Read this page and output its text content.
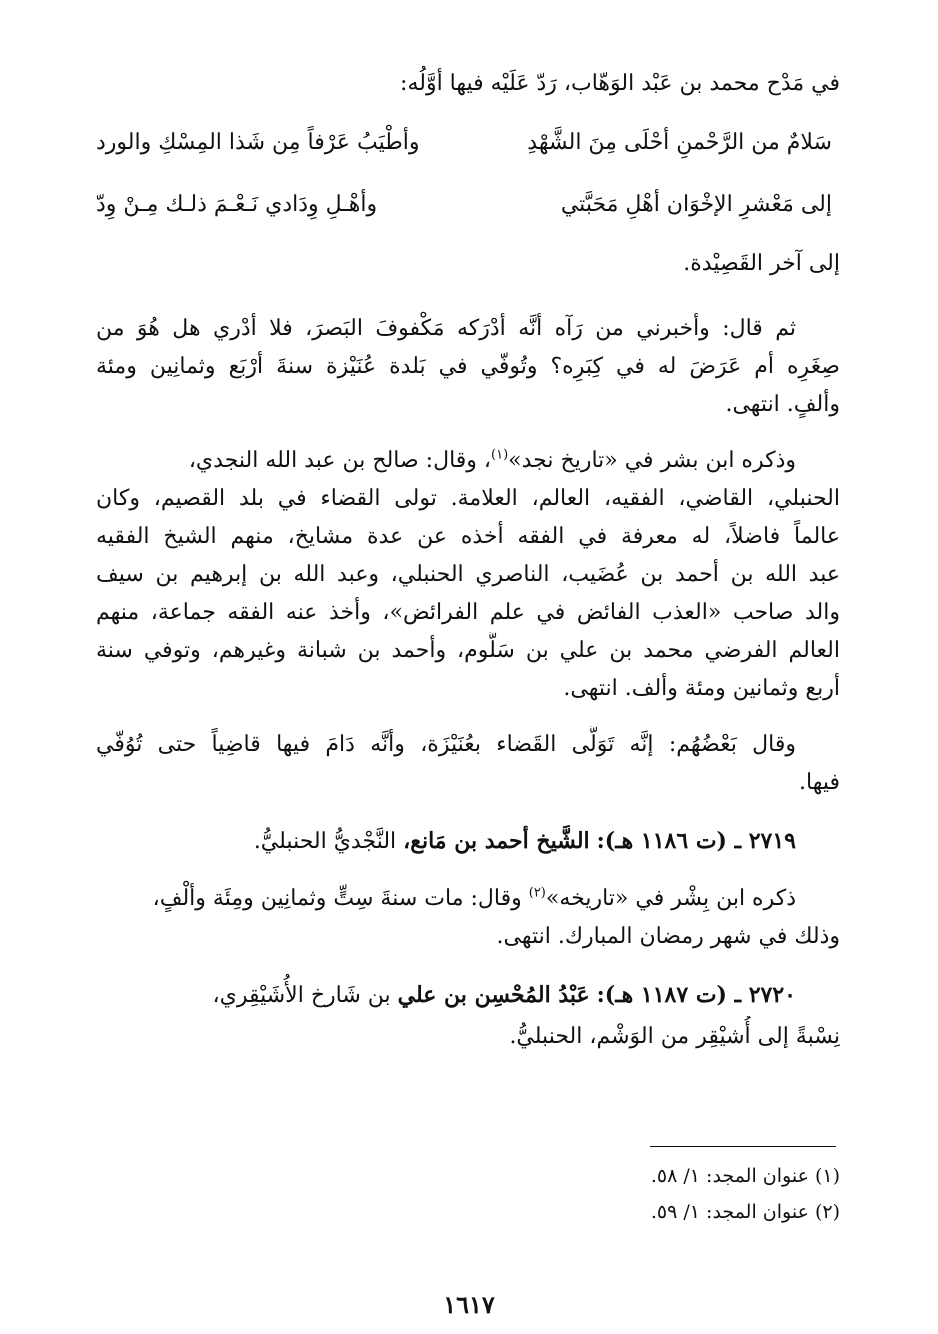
في مَدْح محمد بن عَبْد الوَهّاب، رَدّ عَلَيْه فيها أوَّلُه:
سَلامٌ من الرَّحْمنِ أحْلَى مِنَ الشَّهْدِ
وأطْيَبُ عَرْفاً مِن شَذا المِسْكِ والورد
إلى مَعْشرِ الإخْوَان أهْلِ مَحَبَّتي
وأهْـلِ وِدَادي نَـعْـمَ ذلـك مِـنْ وِدّ
إلى آخر القَصِيْدة.
ثم قال: وأخبرني من رَآه أنَّه أدْرَكه مَكْفوفَ البَصرَ، فلا أدْري هل هُوَ من
صِغَرِه أم عَرَضَ له في كِبَرِه؟ وتُوفّي في بَلدة عُنَيْزة سنةَ أرْبَع وثمانِين ومئة
وألفٍ. انتهى.
وذكره ابن بشر في «تاريخ نجد»$^{(١)}$، وقال: صالح بن عبد الله النجدي،
الحنبلي، القاضي، الفقيه، العالم، العلامة. تولى القضاء في بلد القصيم، وكان
عالماً فاضلاً، له معرفة في الفقه أخذه عن عدة مشايخ، منهم الشيخ الفقيه
عبد الله بن أحمد بن عُضَيب، الناصري الحنبلي، وعبد الله بن إبرهيم بن سيف
والد صاحب «العذب الفائض في علم الفرائض»، وأخذ عنه الفقه جماعة، منهم
العالم الفرضي محمد بن علي بن سَلُّوم، وأحمد بن شبانة وغيرهم، وتوفي سنة
أربع وثمانين ومئة وألف. انتهى.
وقال بَعْضُهُم: إنَّه تَوَلَّى القَضاء بعُنَيْزَة، وأنَّه دَامَ فيها قاضِياً حتى تُوُفّي
فيها.
٢٧١٩ ـ (ت ١١٨٦ هـ): الشَّيخ أحمد بن مَانع، النَّجْديُّ الحنبليُّ.
ذكره ابن بِشْر في «تاريخه»$^{(٢)}$ وقال: مات سنةَ سِتٍّ وثمانِين ومِئَة وألْفٍ،
وذلك في شهر رمضان المبارك. انتهى.
٢٧٢٠ ـ (ت ١١٨٧ هـ): عَبْدُ المُحْسِن بن علي بن شَارخ الأُشَيْقِري،
نِسْبةً إلى أُشيْقِر من الوَشْم، الحنبليُّ.
(١) عنوان المجد: ١/ ٥٨.
(٢) عنوان المجد: ١/ ٥٩.
١٦١٧
